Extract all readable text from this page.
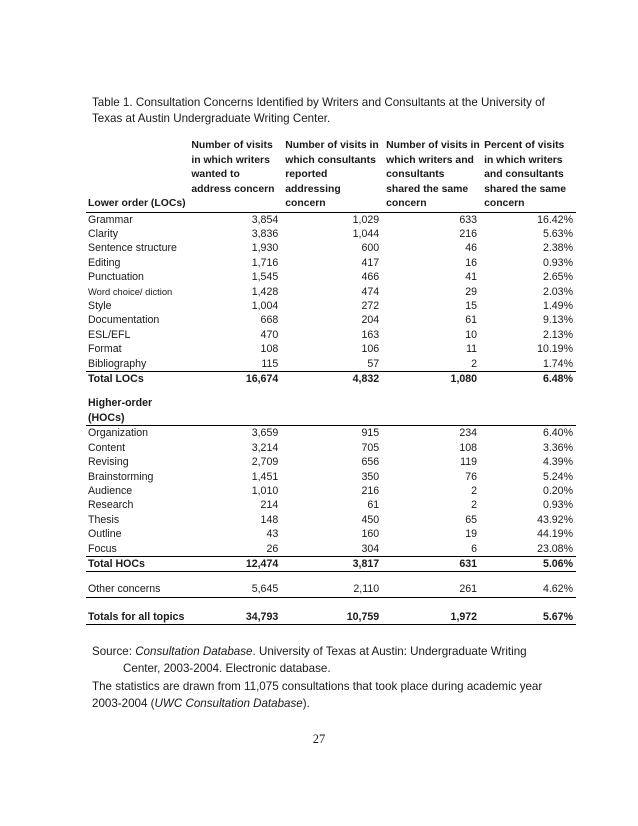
Table 1. Consultation Concerns Identified by Writers and Consultants at the University of Texas at Austin Undergraduate Writing Center.
Lower order (LOCs)	Number of visits in which writers wanted to address concern	Number of visits in which consultants reported addressing concern	Number of visits in which writers and consultants shared the same concern	Percent of visits in which writers and consultants shared the same concern
Grammar	3,854	1,029	633	16.42%
Clarity	3,836	1,044	216	5.63%
Sentence structure	1,930	600	46	2.38%
Editing	1,716	417	16	0.93%
Punctuation	1,545	466	41	2.65%
Word choice/ diction	1,428	474	29	2.03%
Style	1,004	272	15	1.49%
Documentation	668	204	61	9.13%
ESL/EFL	470	163	10	2.13%
Format	108	106	11	10.19%
Bibliography	115	57	2	1.74%
Total LOCs	16,674	4,832	1,080	6.48%

Higher-order (HOCs)				
Organization	3,659	915	234	6.40%
Content	3,214	705	108	3.36%
Revising	2,709	656	119	4.39%
Brainstorming	1,451	350	76	5.24%
Audience	1,010	216	2	0.20%
Research	214	61	2	0.93%
Thesis	148	450	65	43.92%
Outline	43	160	19	44.19%
Focus	26	304	6	23.08%
Total HOCs	12,474	3,817	631	5.06%

Other concerns	5,645	2,110	261	4.62%

Totals for all topics	34,793	10,759	1,972	5.67%
Source: Consultation Database. University of Texas at Austin: Undergraduate Writing
Center, 2003-2004. Electronic database.
The statistics are drawn from 11,075 consultations that took place during academic year
2003-2004 (UWC Consultation Database).
27
